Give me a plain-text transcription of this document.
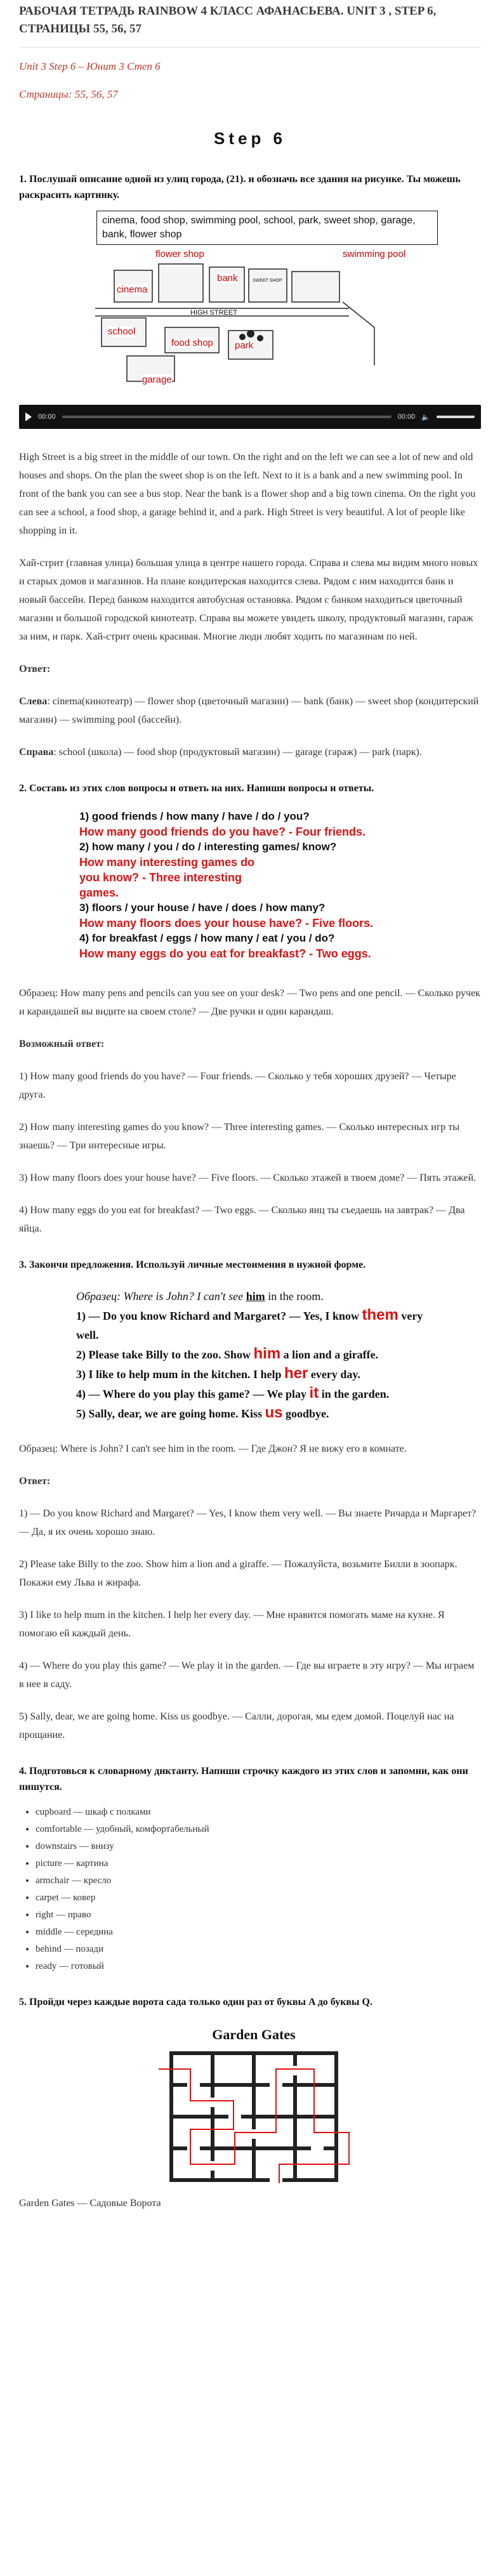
РАБОЧАЯ ТЕТРАДЬ RAINBOW 4 КЛАСС АФАНАСЬЕВА. UNIT 3 , STEP 6, СТРАНИЦЫ 55, 56, 57
Unit 3 Step 6 – Юнит 3 Степ 6
Страницы: 55, 56, 57
Step 6
1. Послушай описание одной из улиц города, (21). и обозначь все здания на рисунке. Ты можешь раскрасить картинку.
cinema, food shop, swimming pool, school, park, sweet shop, garage, bank, flower shop
HIGH STREET
SWEET SHOP
flower shop	swimming pool
bank
cinema
food shop park
school
garage
00:00	00:00 🔈

High Street is a big street in the middle of our town. On the right and on the left we can see a lot of new and old houses and shops. On the plan the sweet shop is on the left. Next to it is a bank and a new swimming pool. In front of the bank you can see a bus stop. Near the bank is a flower shop and a big town cinema. On the right you can see a school, a food shop, a garage behind it, and a park. High Street is very beautiful. A lot of people like shopping in it.

Хай-стрит (главная улица) большая улица в центре нашего города. Справа и слева мы видим много новых и старых домов и магазинов. На плане кондитерская находится слева. Рядом с ним находится банк и новый бассейн. Перед банком находится автобусная остановка. Рядом с банком находиться цветочный магазин и большой городской кинотеатр. Справа вы можете увидеть школу, продуктовый магазин, гараж за ним, и парк. Хай-стрит очень красивая. Многие люди любят ходить по магазинам по ней.

Ответ:

Слева: cinema(кинотеатр) — flower shop (цветочный магазин) — bank (банк) — sweet shop (кондитерский магазин) — swimming pool (бассейн).

Справа: school (школа) — food shop (продуктовый магазин) — garage (гараж) — park (парк).

2. Составь из этих слов вопросы и ответь на них. Напиши вопросы и ответы.
1) good friends / how many / have / do / you?
How many good friends do you have? - Four friends.
2) how many / you / do / interesting games/ know?
How many interesting games do you know? - Three interesting games.
3) floors / your house / have / does / how many?
How many floors does your house have? - Five floors.
4) for breakfast / eggs / how many / eat / you / do?
How many eggs do you eat for breakfast? - Two eggs.

Образец: How many pens and pencils can you see on your desk? — Two pens and one pencil. — Сколько ручек и карандашей вы видите на своем столе? — Две ручки и один карандаш.

Возможный ответ:

1) How many good friends do you have? — Four friends. — Сколько у тебя хороших друзей? — Четыре друга.

2) How many interesting games do you know? — Three interesting games. — Сколько интересных игр ты знаешь? — Три интересные игры.

3) How many floors does your house have? — Five floors. — Сколько этажей в твоем доме? — Пять этажей.

4) How many eggs do you eat for breakfast? — Two eggs. — Сколько яиц ты съедаешь на завтрак? — Два яйца.

3. Закончи предложения. Используй личные местоимения в нужной форме.
Образец: Where is John? I can't see him in the room.
1) — Do you know Richard and Margaret? — Yes, I know them very well.
2) Please take Billy to the zoo. Show him a lion and a giraffe.
3) I like to help mum in the kitchen. I help her every day.
4) — Where do you play this game? — We play it in the garden.
5) Sally, dear, we are going home. Kiss us goodbye.

Образец: Where is John? I can't see him in the room. — Где Джон? Я не вижу его в комнате.

Ответ:

1) — Do you know Richard and Margaret? — Yes, I know them very well. — Вы знаете Ричарда и Маргарет? — Да, я их очень хорошо знаю.

2) Please take Billy to the zoo. Show him a lion and a giraffe. — Пожалуйста, возьмите Билли в зоопарк. Покажи ему Льва и жирафа.

3) I like to help mum in the kitchen. I help her every day. — Мне нравится помогать маме на кухне. Я помогаю ей каждый день.

4) — Where do you play this game? — We play it in the garden. — Где вы играете в эту игру? — Мы играем в нее в саду.

5) Sally, dear, we are going home. Kiss us goodbye. — Салли, дорогая, мы едем домой. Поцелуй нас на прощание.

4. Подготовься к словарному диктанту. Напиши строчку каждого из этих слов и запомни, как они пишутся.
• cupboard — шкаф с полками
• comfortable — удобный, комфортабельный
• downstairs — внизу
• picture — картина
• armchair — кресло
• carpet — ковер
• right — право
• middle — середина
• behind — позади
• ready — готовый
5. Пройди через каждые ворота сада только один раз от буквы A до буквы Q.
Garden Gates

Garden Gates — Садовые Ворота
